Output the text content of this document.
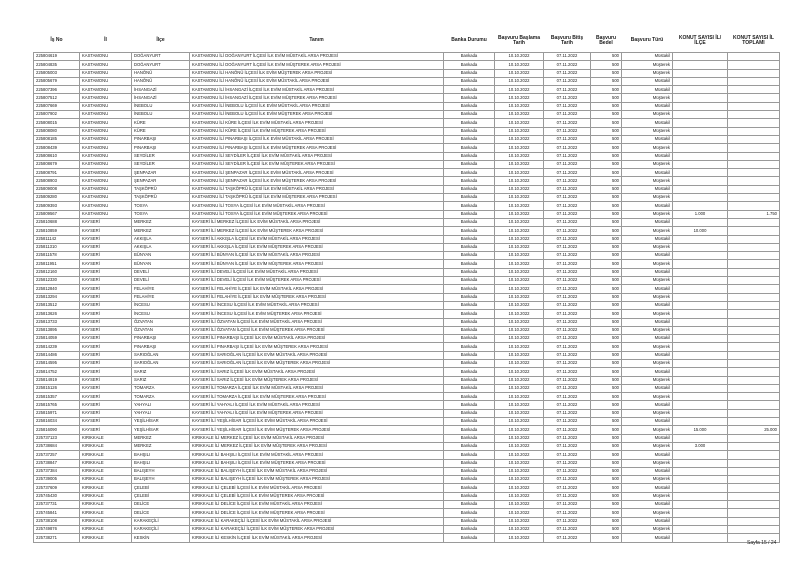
İş No	İl	İlçe	Tanım	Banka Durumu	Başvuru Başlama Tarih	Başvuru Bitiş Tarih	Başvuru Bedel	Başvuru Türü	KONUT SAYISI İL/İLÇE	KONUT SAYISI İL TOPLAMI
225804619	KASTAMONU	DOĞANYURT	KASTAMONU İLİ DOĞANYURT İLÇESİ İLK EVİM MÜSTAKİL ARSA PROJESİ	Bankada	10.10.2022	07.11.2022	500	Müstakil		
225804835	KASTAMONU	DOĞANYURT	KASTAMONU İLİ DOĞANYURT İLÇESİ İLK EVİM MÜŞTEREK ARSA PROJESİ	Bankada	10.10.2022	07.11.2022	500	Müşterek		
225805003	KASTAMONU	HANÖNÜ	KASTAMONU İLİ HANÖNÜ İLÇESİ İLK EVİM MÜŞTEREK ARSA PROJESİ	Bankada	10.10.2022	07.11.2022	500	Müşterek		
225805679	KASTAMONU	HANÖNÜ	KASTAMONU İLİ HANÖNÜ İLÇESİ İLK EVİM MÜSTAKİL ARSA PROJESİ	Bankada	10.10.2022	07.11.2022	500	Müstakil		
225807396	KASTAMONU	İHSANGAZİ	KASTAMONU İLİ İHSANGAZİ İLÇESİ İLK EVİM MÜSTAKİL ARSA PROJESİ	Bankada	10.10.2022	07.11.2022	500	Müstakil		
225807512	KASTAMONU	İHSANGAZİ	KASTAMONU İLİ İHSANGAZİ İLÇESİ İLK EVİM MÜŞTEREK ARSA PROJESİ	Bankada	10.10.2022	07.11.2022	500	Müşterek		
225807669	KASTAMONU	İNEBOLU	KASTAMONU İLİ İNEBOLU İLÇESİ İLK EVİM MÜSTAKİL ARSA PROJESİ	Bankada	10.10.2022	07.11.2022	500	Müstakil		
225807902	KASTAMONU	İNEBOLU	KASTAMONU İLİ İNEBOLU İLÇESİ İLK EVİM MÜŞTEREK ARSA PROJESİ	Bankada	10.10.2022	07.11.2022	500	Müşterek		
225808015	KASTAMONU	KÜRE	KASTAMONU İLİ KÜRE İLÇESİ İLK EVİM MÜSTAKİL ARSA PROJESİ	Bankada	10.10.2022	07.11.2022	500	Müstakil		
225808080	KASTAMONU	KÜRE	KASTAMONU İLİ KÜRE İLÇESİ İLK EVİM MÜŞTEREK ARSA PROJESİ	Bankada	10.10.2022	07.11.2022	500	Müşterek		
225808185	KASTAMONU	PINARBAŞI	KASTAMONU İLİ PINARBAŞI İLÇESİ İLK EVİM MÜSTAKİL ARSA PROJESİ	Bankada	10.10.2022	07.11.2022	500	Müstakil		
225808439	KASTAMONU	PINARBAŞI	KASTAMONU İLİ PINARBAŞI İLÇESİ İLK EVİM MÜŞTEREK ARSA PROJESİ	Bankada	10.10.2022	07.11.2022	500	Müşterek		
225808610	KASTAMONU	SEYDİLER	KASTAMONU İLİ SEYDİLER İLÇESİ İLK EVİM MÜSTAKİL ARSA PROJESİ	Bankada	10.10.2022	07.11.2022	500	Müstakil		
225808679	KASTAMONU	SEYDİLER	KASTAMONU İLİ SEYDİLER İLÇESİ İLK EVİM MÜŞTEREK ARSA PROJESİ	Bankada	10.10.2022	07.11.2022	500	Müşterek		
225808791	KASTAMONU	ŞENPAZAR	KASTAMONU İLİ ŞENPAZAR İLÇESİ İLK EVİM MÜSTAKİL ARSA PROJESİ	Bankada	10.10.2022	07.11.2022	500	Müstakil		
225808903	KASTAMONU	ŞENPAZAR	KASTAMONU İLİ ŞENPAZAR İLÇESİ İLK EVİM MÜŞTEREK ARSA PROJESİ	Bankada	10.10.2022	07.11.2022	500	Müşterek		
225809008	KASTAMONU	TAŞKÖPRÜ	KASTAMONU İLİ TAŞKÖPRÜ İLÇESİ İLK EVİM MÜSTAKİL ARSA PROJESİ	Bankada	10.10.2022	07.11.2022	500	Müstakil		
225809280	KASTAMONU	TAŞKÖPRÜ	KASTAMONU İLİ TAŞKÖPRÜ İLÇESİ İLK EVİM MÜŞTEREK ARSA PROJESİ	Bankada	10.10.2022	07.11.2022	500	Müşterek		
225809393	KASTAMONU	TOSYA	KASTAMONU İLİ TOSYA İLÇESİ İLK EVİM MÜSTAKİL ARSA PROJESİ	Bankada	10.10.2022	07.11.2022	500	Müstakil		
225809567	KASTAMONU	TOSYA	KASTAMONU İLİ TOSYA İLÇESİ İLK EVİM MÜŞTEREK ARSA PROJESİ	Bankada	10.10.2022	07.11.2022	500	Müşterek	1.000	1.750
225810688	KAYSERİ	MERKEZ	KAYSERİ İLİ MERKEZ İLÇESİ İLK EVİM MÜSTAKİL ARSA PROJESİ	Bankada	10.10.2022	07.11.2022	500	Müstakil		
225810859	KAYSERİ	MERKEZ	KAYSERİ İLİ MERKEZ İLÇESİ İLK EVİM MÜŞTEREK ARSA PROJESİ	Bankada	10.10.2022	07.11.2022	500	Müşterek	10.000	
225811142	KAYSERİ	AKKIŞLA	KAYSERİ İLİ AKKIŞLA İLÇESİ İLK EVİM MÜSTAKİL ARSA PROJESİ	Bankada	10.10.2022	07.11.2022	500	Müstakil		
225811310	KAYSERİ	AKKIŞLA	KAYSERİ İLİ AKKIŞLA İLÇESİ İLK EVİM MÜŞTEREK ARSA PROJESİ	Bankada	10.10.2022	07.11.2022	500	Müşterek		
225811578	KAYSERİ	BÜNYAN	KAYSERİ İLİ BÜNYAN İLÇESİ İLK EVİM MÜSTAKİL ARSA PROJESİ	Bankada	10.10.2022	07.11.2022	500	Müstakil		
225811951	KAYSERİ	BÜNYAN	KAYSERİ İLİ BÜNYAN İLÇESİ İLK EVİM MÜŞTEREK ARSA PROJESİ	Bankada	10.10.2022	07.11.2022	500	Müşterek		
225812160	KAYSERİ	DEVELİ	KAYSERİ İLİ DEVELİ İLÇESİ İLK EVİM MÜSTAKİL ARSA PROJESİ	Bankada	10.10.2022	07.11.2022	500	Müstakil		
225812330	KAYSERİ	DEVELİ	KAYSERİ İLİ DEVELİ İLÇESİ İLK EVİM MÜŞTEREK ARSA PROJESİ	Bankada	10.10.2022	07.11.2022	500	Müşterek		
225812840	KAYSERİ	FELAHİYE	KAYSERİ İLİ FELAHİYE İLÇESİ İLK EVİM MÜSTAKİL ARSA PROJESİ	Bankada	10.10.2022	07.11.2022	500	Müstakil		
225813294	KAYSERİ	FELAHİYE	KAYSERİ İLİ FELAHİYE İLÇESİ İLK EVİM MÜŞTEREK ARSA PROJESİ	Bankada	10.10.2022	07.11.2022	500	Müşterek		
225813512	KAYSERİ	İNCESU	KAYSERİ İLİ İNCESU İLÇESİ İLK EVİM MÜSTAKİL ARSA PROJESİ	Bankada	10.10.2022	07.11.2022	500	Müstakil		
225813626	KAYSERİ	İNCESU	KAYSERİ İLİ İNCESU İLÇESİ İLK EVİM MÜŞTEREK ARSA PROJESİ	Bankada	10.10.2022	07.11.2022	500	Müşterek		
225813733	KAYSERİ	ÖZVATAN	KAYSERİ İLİ ÖZVATAN İLÇESİ İLK EVİM MÜSTAKİL ARSA PROJESİ	Bankada	10.10.2022	07.11.2022	500	Müstakil		
225813895	KAYSERİ	ÖZVATAN	KAYSERİ İLİ ÖZVATAN İLÇESİ İLK EVİM MÜŞTEREK ARSA PROJESİ	Bankada	10.10.2022	07.11.2022	500	Müşterek		
225814059	KAYSERİ	PINARBAŞI	KAYSERİ İLİ PINARBAŞI İLÇESİ İLK EVİM MÜSTAKİL ARSA PROJESİ	Bankada	10.10.2022	07.11.2022	500	Müstakil		
225814239	KAYSERİ	PINARBAŞI	KAYSERİ İLİ PINARBAŞI İLÇESİ İLK EVİM MÜŞTEREK ARSA PROJESİ	Bankada	10.10.2022	07.11.2022	500	Müşterek		
225814486	KAYSERİ	SARIOĞLAN	KAYSERİ İLİ SARIOĞLAN İLÇESİ İLK EVİM MÜSTAKİL ARSA PROJESİ	Bankada	10.10.2022	07.11.2022	500	Müstakil		
225814595	KAYSERİ	SARIOĞLAN	KAYSERİ İLİ SARIOĞLAN İLÇESİ İLK EVİM MÜŞTEREK ARSA PROJESİ	Bankada	10.10.2022	07.11.2022	500	Müşterek		
225814752	KAYSERİ	SARIZ	KAYSERİ İLİ SARIZ İLÇESİ İLK EVİM MÜSTAKİL ARSA PROJESİ	Bankada	10.10.2022	07.11.2022	500	Müstakil		
225814919	KAYSERİ	SARIZ	KAYSERİ İLİ SARIZ İLÇESİ İLK EVİM MÜŞTEREK ARSA PROJESİ	Bankada	10.10.2022	07.11.2022	500	Müşterek		
225815126	KAYSERİ	TOMARZA	KAYSERİ İLİ TOMARZA İLÇESİ İLK EVİM MÜSTAKİL ARSA PROJESİ	Bankada	10.10.2022	07.11.2022	500	Müstakil		
225815357	KAYSERİ	TOMARZA	KAYSERİ İLİ TOMARZA İLÇESİ İLK EVİM MÜŞTEREK ARSA PROJESİ	Bankada	10.10.2022	07.11.2022	500	Müşterek		
225815765	KAYSERİ	YAHYALI	KAYSERİ İLİ YAHYALI İLÇESİ İLK EVİM MÜSTAKİL ARSA PROJESİ	Bankada	10.10.2022	07.11.2022	500	Müstakil		
225815971	KAYSERİ	YAHYALI	KAYSERİ İLİ YAHYALI İLÇESİ İLK EVİM MÜŞTEREK ARSA PROJESİ	Bankada	10.10.2022	07.11.2022	500	Müşterek		
225816034	KAYSERİ	YEŞİLHİSAR	KAYSERİ İLİ YEŞİLHİSAR İLÇESİ İLK EVİM MÜSTAKİL ARSA PROJESİ	Bankada	10.10.2022	07.11.2022	500	Müstakil		
225816090	KAYSERİ	YEŞİLHİSAR	KAYSERİ İLİ YEŞİLHİSAR İLÇESİ İLK EVİM MÜŞTEREK ARSA PROJESİ	Bankada	10.10.2022	07.11.2022	500	Müşterek	15.000	25.000
225737123	KIRIKKALE	MERKEZ	KIRIKKALE İLİ MERKEZ İLÇESİ İLK EVİM MÜSTAKİL ARSA PROJESİ	Bankada	10.10.2022	07.11.2022	500	Müstakil		
225738684	KIRIKKALE	MERKEZ	KIRIKKALE İLİ MERKEZ İLÇESİ İLK EVİM MÜŞTEREK ARSA PROJESİ	Bankada	10.10.2022	07.11.2022	500	Müşterek	3.000	
225737257	KIRIKKALE	BAHŞILI	KIRIKKALE İLİ BAHŞILI İLÇESİ İLK EVİM MÜSTAKİL ARSA PROJESİ	Bankada	10.10.2022	07.11.2022	500	Müstakil		
225738847	KIRIKKALE	BAHŞILI	KIRIKKALE İLİ BAHŞILI İLÇESİ İLK EVİM MÜŞTEREK ARSA PROJESİ	Bankada	10.10.2022	07.11.2022	500	Müşterek		
225737384	KIRIKKALE	BALIŞEYH	KIRIKKALE İLİ BALIŞEYH İLÇESİ İLK EVİM MÜSTAKİL ARSA PROJESİ	Bankada	10.10.2022	07.11.2022	500	Müstakil		
225739005	KIRIKKALE	BALIŞEYH	KIRIKKALE İLİ BALIŞEYH İLÇESİ İLK EVİM MÜŞTEREK ARSA PROJESİ	Bankada	10.10.2022	07.11.2022	500	Müşterek		
225737609	KIRIKKALE	ÇELEBİ	KIRIKKALE İLİ ÇELEBİ İLÇESİ İLK EVİM MÜSTAKİL ARSA PROJESİ	Bankada	10.10.2022	07.11.2022	500	Müstakil		
225745430	KIRIKKALE	ÇELEBİ	KIRIKKALE İLİ ÇELEBİ İLÇESİ İLK EVİM MÜŞTEREK ARSA PROJESİ	Bankada	10.10.2022	07.11.2022	500	Müşterek		
225737731	KIRIKKALE	DELİCE	KIRIKKALE İLİ DELİCE İLÇESİ İLK EVİM MÜSTAKİL ARSA PROJESİ	Bankada	10.10.2022	07.11.2022	500	Müstakil		
225745841	KIRIKKALE	DELİCE	KIRIKKALE İLİ DELİCE İLÇESİ İLK EVİM MÜŞTEREK ARSA PROJESİ	Bankada	10.10.2022	07.11.2022	500	Müşterek		
225738108	KIRIKKALE	KARAKEÇİLİ	KIRIKKALE İLİ KARAKEÇİLİ İLÇESİ İLK EVİM MÜSTAKİL ARSA PROJESİ	Bankada	10.10.2022	07.11.2022	500	Müstakil		
225749876	KIRIKKALE	KARAKEÇİLİ	KIRIKKALE İLİ KARAKEÇİLİ İLÇESİ İLK EVİM MÜŞTEREK ARSA PROJESİ	Bankada	10.10.2022	07.11.2022	500	Müşterek		
225738271	KIRIKKALE	KESKİN	KIRIKKALE İLİ KESKİN İLÇESİ İLK EVİM MÜSTAKİL ARSA PROJESİ	Bankada	10.10.2022	07.11.2022	500	Müstakil		
Sayfa 15 / 24
